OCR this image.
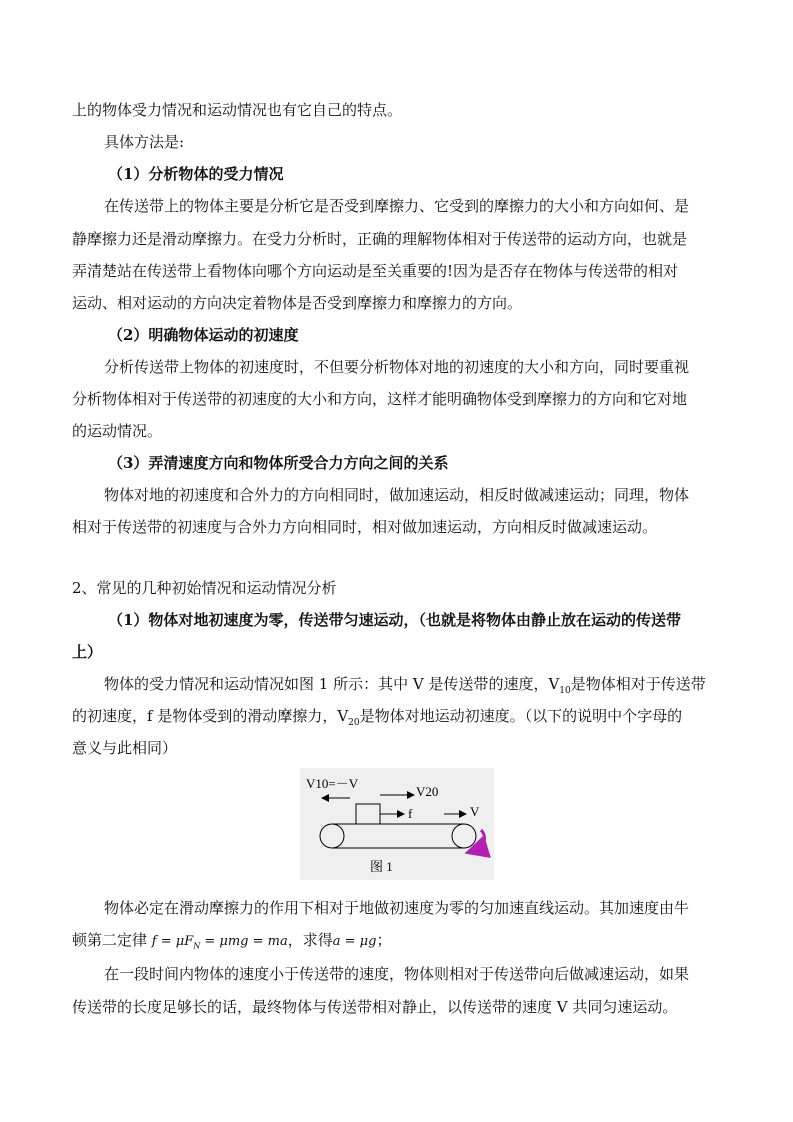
上的物体受力情况和运动情况也有它自己的特点。
具体方法是:
（1）分析物体的受力情况
在传送带上的物体主要是分析它是否受到摩擦力、它受到的摩擦力的大小和方向如何、是
静摩擦力还是滑动摩擦力。在受力分析时，正确的理解物体相对于传送带的运动方向，也就是
弄清楚站在传送带上看物体向哪个方向运动是至关重要的!因为是否存在物体与传送带的相对
运动、相对运动的方向决定着物体是否受到摩擦力和摩擦力的方向。
（2）明确物体运动的初速度
分析传送带上物体的初速度时，不但要分析物体对地的初速度的大小和方向，同时要重视
分析物体相对于传送带的初速度的大小和方向，这样才能明确物体受到摩擦力的方向和它对地
的运动情况。
（3）弄清速度方向和物体所受合力方向之间的关系
物体对地的初速度和合外力的方向相同时，做加速运动，相反时做减速运动；同理，物体
相对于传送带的初速度与合外力方向相同时，相对做加速运动，方向相反时做减速运动。
2、常见的几种初始情况和运动情况分析
（1）物体对地初速度为零，传送带匀速运动，（也就是将物体由静止放在运动的传送带
上）
物体的受力情况和运动情况如图 1 所示：其中 V 是传送带的速度，$V_{10}$是物体相对于传送带
的初速度，f 是物体受到的滑动摩擦力，$V_{20}$是物体对地运动初速度。（以下的说明中个字母的
意义与此相同）
V10=－V
V20
f	V
图 1
物体必定在滑动摩擦力的作用下相对于地做初速度为零的匀加速直线运动。其加速度由牛
顿第二定律 $f = \mu F_N = \mu mg$ = ma，求得a = μg；
在一段时间内物体的速度小于传送带的速度，物体则相对于传送带向后做减速运动，如果
传送带的长度足够长的话，最终物体与传送带相对静止，以传送带的速度 V 共同匀速运动。
